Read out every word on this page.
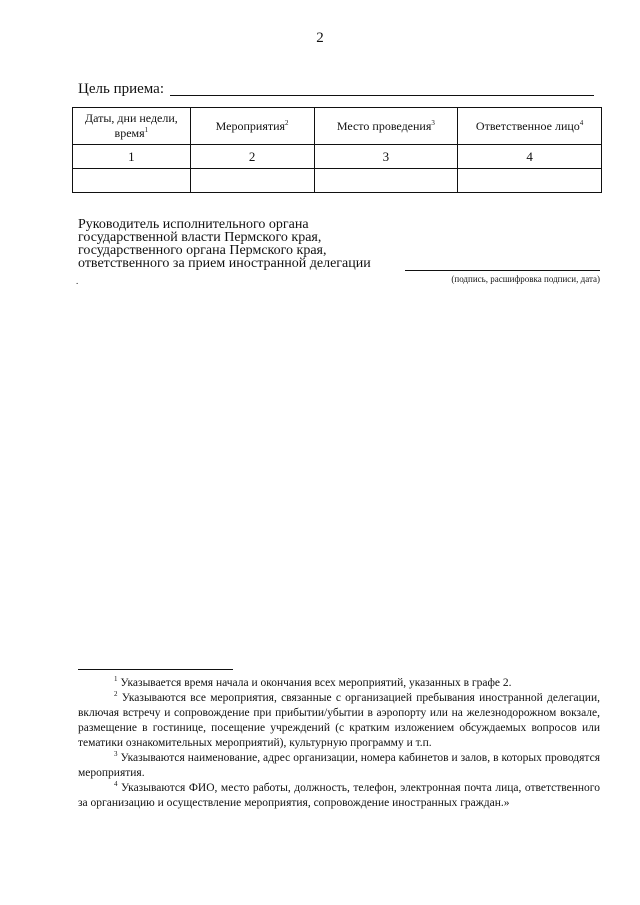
2
Цель приема:
Даты, дни недели, время$^1$	Мероприятия$^2$	Место проведения$^3$	Ответственное лицо$^4$
1	2	3	4

Руководитель исполнительного органа
государственной власти Пермского края,
государственного органа Пермского края,
ответственного за прием иностранной делегации
(подпись, расшифровка подписи, дата)
.

$^1$ Указывается время начала и окончания всех мероприятий, указанных в графе 2.

$^2$ Указываются все мероприятия, связанные с организацией пребывания иностранной делегации, включая встречу и сопровождение при прибытии/убытии в аэропорту или на железнодорожном вокзале, размещение в гостинице, посещение учреждений (с кратким изложением обсуждаемых вопросов или тематики ознакомительных мероприятий), культурную программу и т.п.

$^3$ Указываются наименование, адрес организации, номера кабинетов и залов, в которых проводятся мероприятия.

$^4$ Указываются ФИО, место работы, должность, телефон, электронная почта лица, ответственного за организацию и осуществление мероприятия, сопровождение иностранных граждан.»
